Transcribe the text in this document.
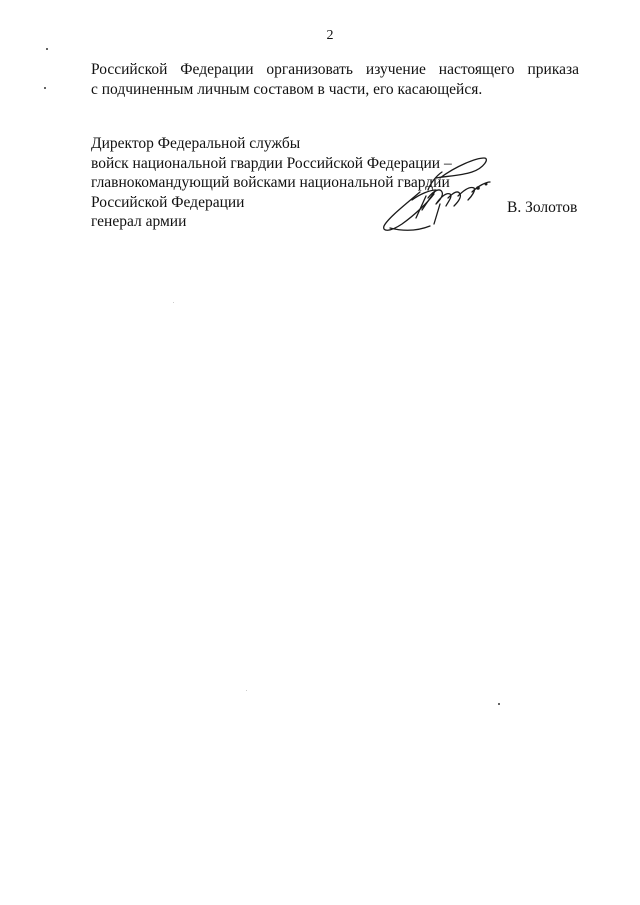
2
Российской Федерации организовать изучение настоящего приказа
с подчиненным личным составом в части, его касающейся.
Директор Федеральной службы
войск национальной гвардии Российской Федерации –
главнокомандующий войсками национальной гвардии
Российской Федерации
генерал армии
В. Золотов
